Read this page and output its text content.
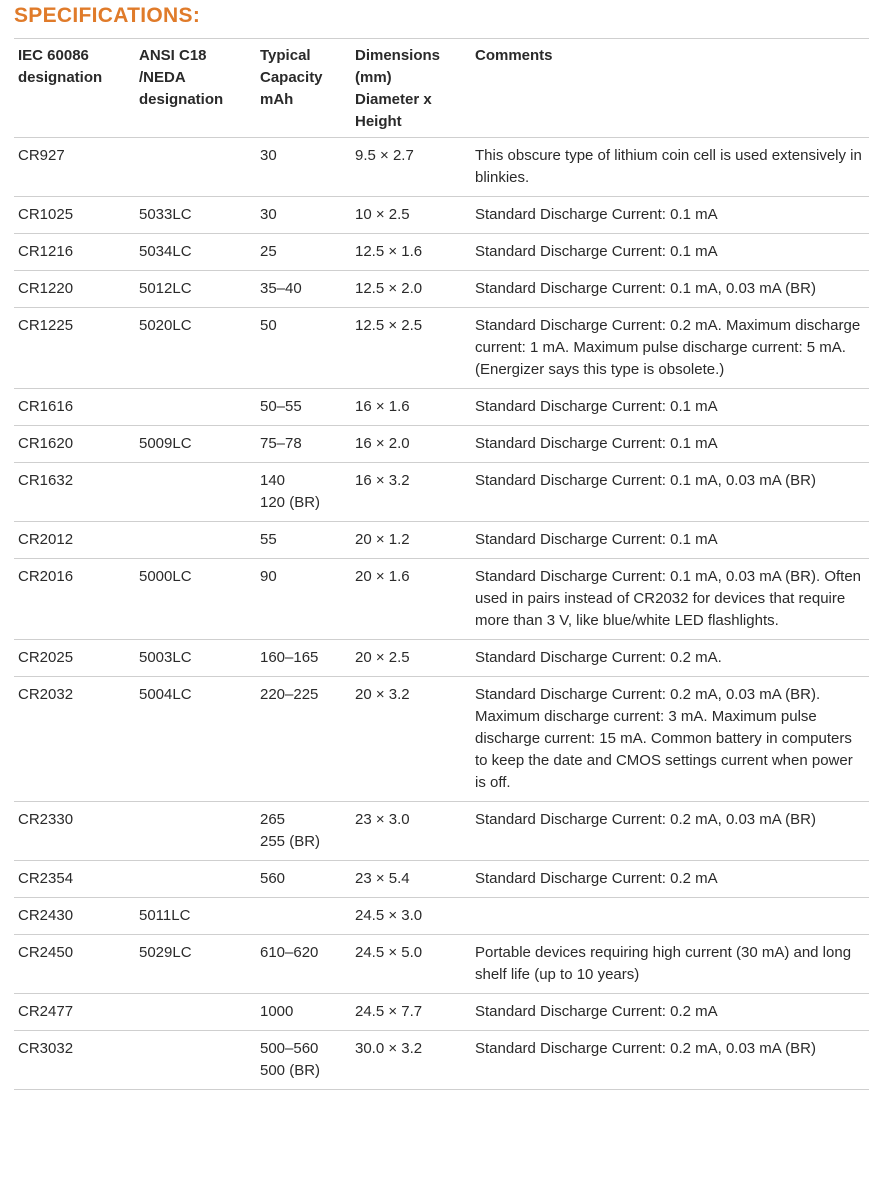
SPECIFICATIONS:
IEC 60086
designation	ANSI C18
/NEDA
designation	Typical
Capacity
mAh	Dimensions
(mm)
Diameter x
Height	Comments
CR927		30	9.5 × 2.7	This obscure type of lithium coin cell is used extensively in blinkies.
CR1025	5033LC	30	10 × 2.5	Standard Discharge Current: 0.1 mA
CR1216	5034LC	25	12.5 × 1.6	Standard Discharge Current: 0.1 mA
CR1220	5012LC	35–40	12.5 × 2.0	Standard Discharge Current: 0.1 mA, 0.03 mA (BR)
CR1225	5020LC	50	12.5 × 2.5	Standard Discharge Current: 0.2 mA. Maximum discharge current: 1 mA. Maximum pulse discharge current: 5 mA. (Energizer says this type is obsolete.)
CR1616		50–55	16 × 1.6	Standard Discharge Current: 0.1 mA
CR1620	5009LC	75–78	16 × 2.0	Standard Discharge Current: 0.1 mA
CR1632		140
120 (BR)	16 × 3.2	Standard Discharge Current: 0.1 mA, 0.03 mA (BR)
CR2012		55	20 × 1.2	Standard Discharge Current: 0.1 mA
CR2016	5000LC	90	20 × 1.6	Standard Discharge Current: 0.1 mA, 0.03 mA (BR). Often used in pairs instead of CR2032 for devices that require more than 3 V, like blue/white LED flashlights.
CR2025	5003LC	160–165	20 × 2.5	Standard Discharge Current: 0.2 mA.
CR2032	5004LC	220–225	20 × 3.2	Standard Discharge Current: 0.2 mA, 0.03 mA (BR). Maximum discharge current: 3 mA. Maximum pulse discharge current: 15 mA. Common battery in computers to keep the date and CMOS settings current when power is off.
CR2330		265
255 (BR)	23 × 3.0	Standard Discharge Current: 0.2 mA, 0.03 mA (BR)
CR2354		560	23 × 5.4	Standard Discharge Current: 0.2 mA
CR2430	5011LC		24.5 × 3.0	
CR2450	5029LC	610–620	24.5 × 5.0	Portable devices requiring high current (30 mA) and long shelf life (up to 10 years)
CR2477		1000	24.5 × 7.7	Standard Discharge Current: 0.2 mA
CR3032		500–560
500 (BR)	30.0 × 3.2	Standard Discharge Current: 0.2 mA, 0.03 mA (BR)
